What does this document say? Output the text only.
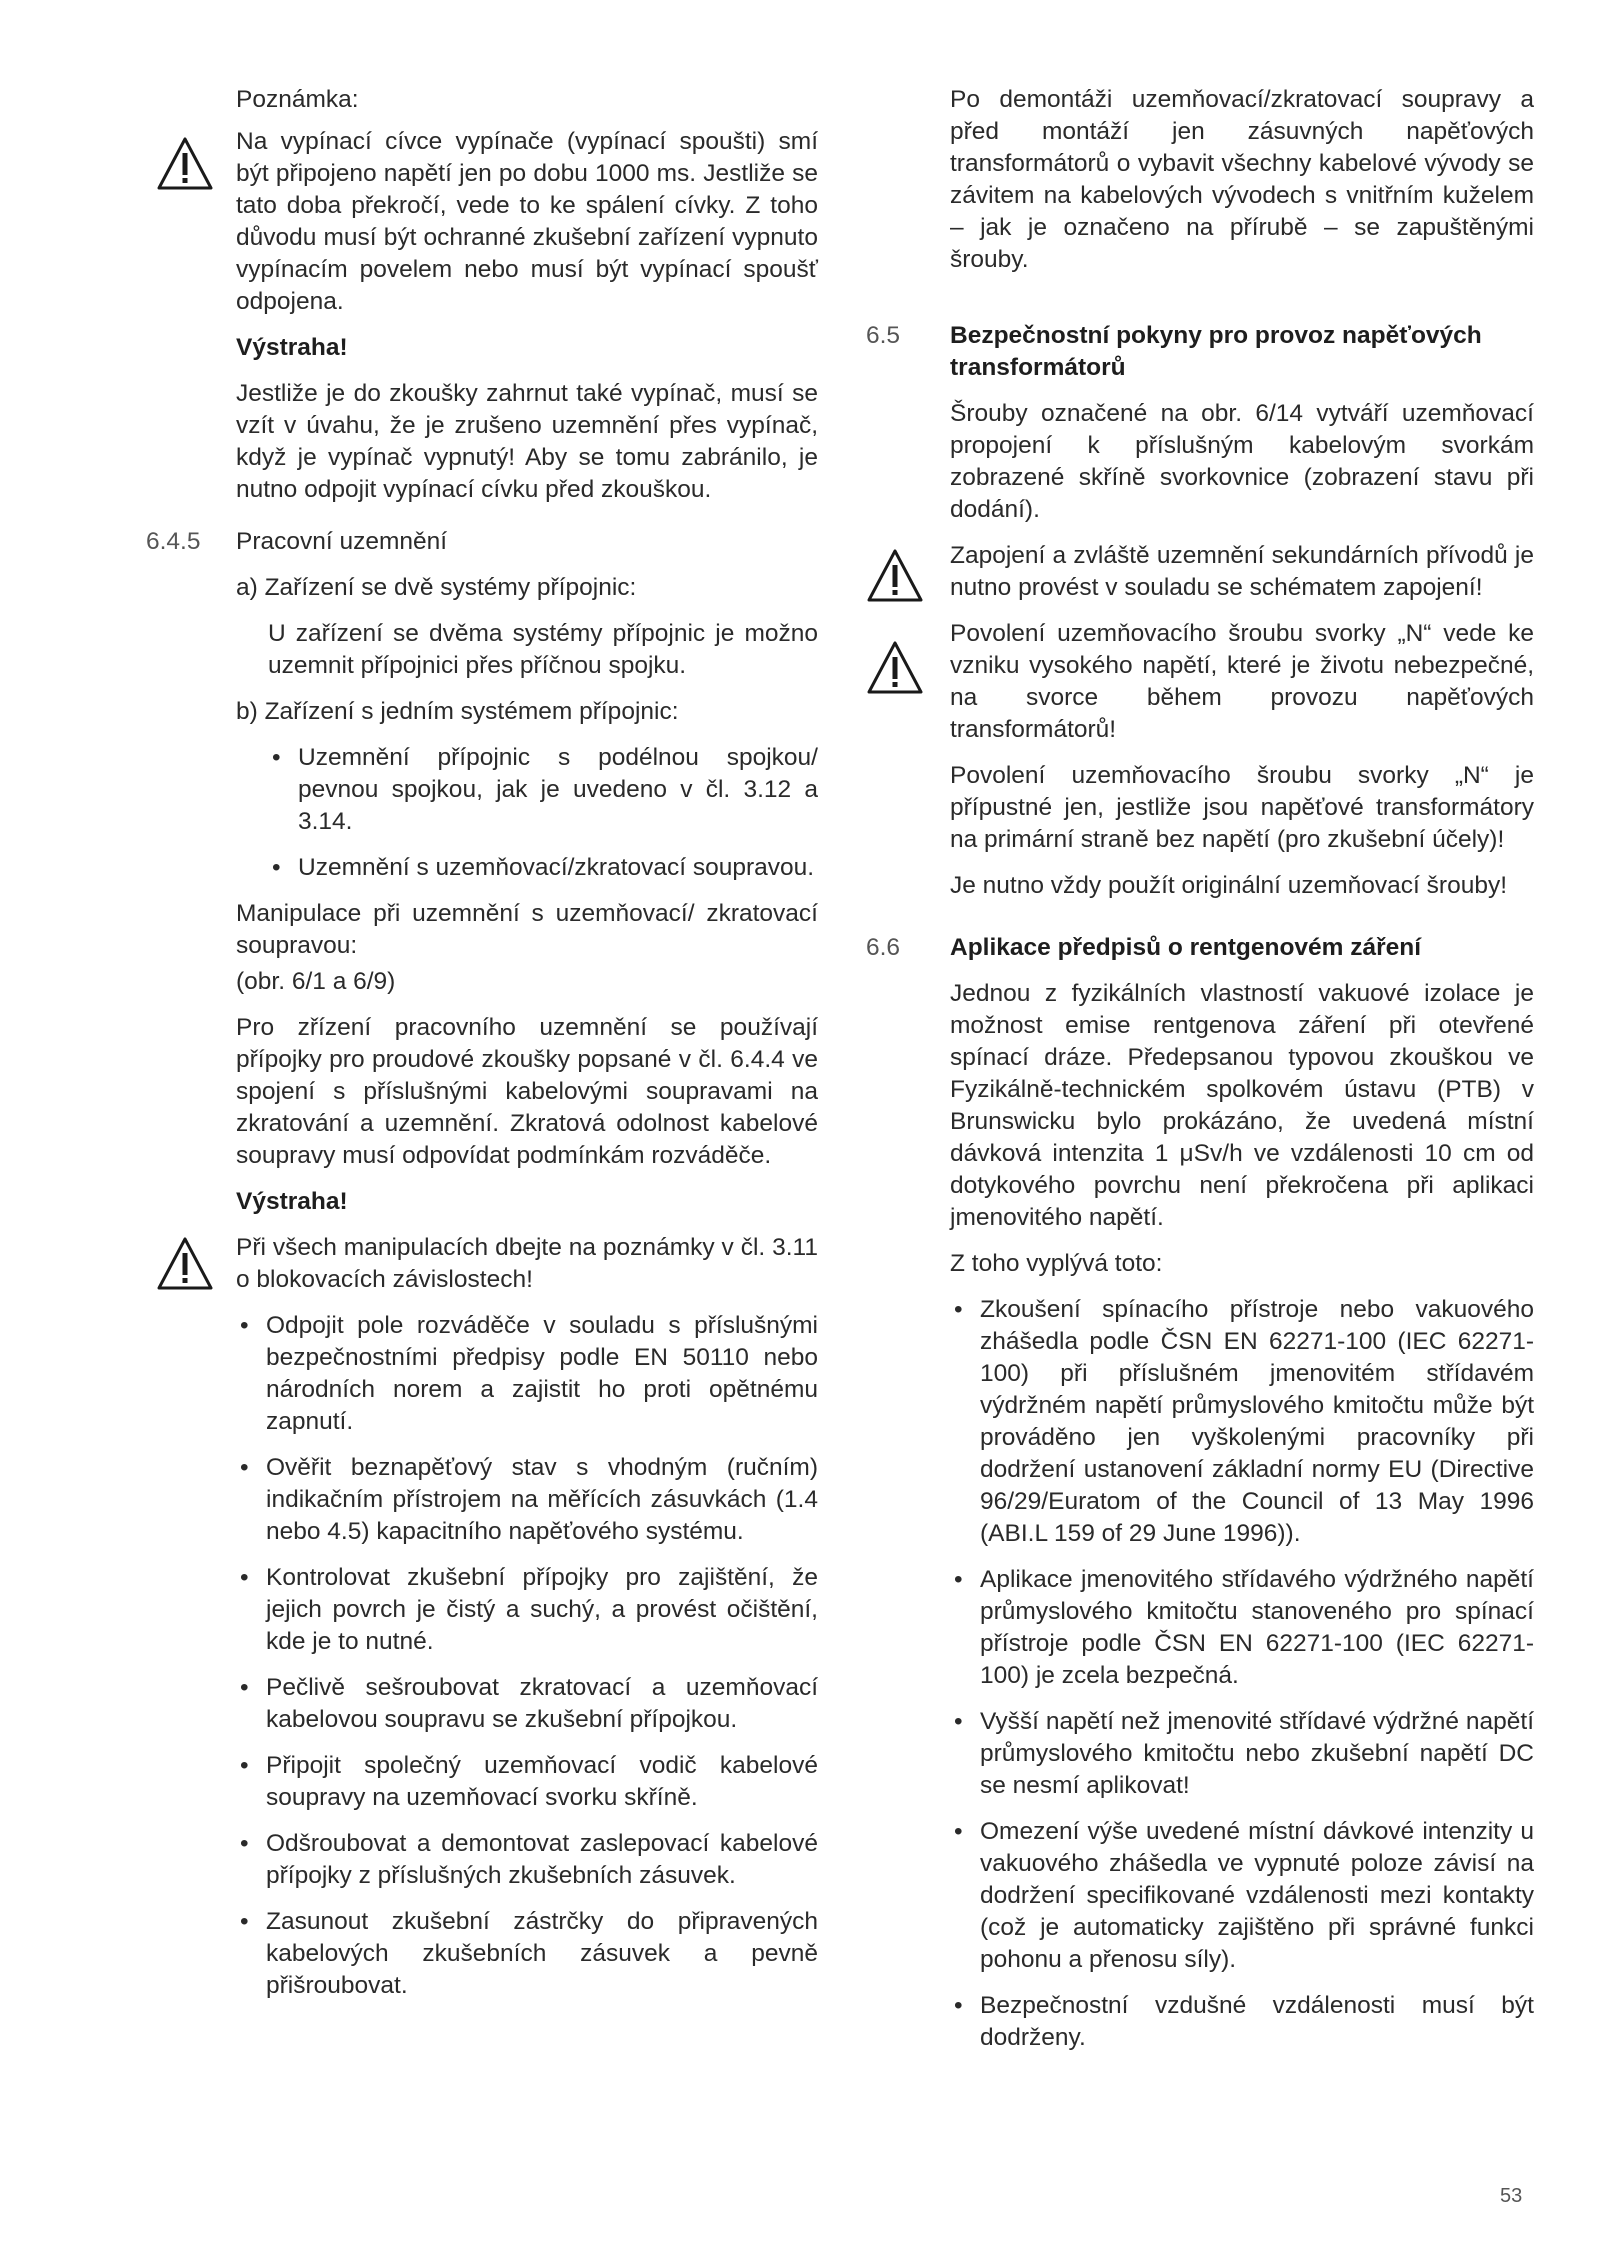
Poznámka:

Na vypínací cívce vypínače (vypínací spoušti) smí být připojeno napětí jen po dobu 1000 ms. Jestliže se tato doba překročí, vede to ke spálení cívky. Z toho důvodu musí být ochranné zkušební zařízení vypnuto vypínacím povelem nebo musí být vypínací spoušť odpojena.

Výstraha!

Jestliže je do zkoušky zahrnut také vypínač, musí se vzít v úvahu, že je zrušeno uzemnění přes vypínač, když je vypínač vypnutý! Aby se tomu zabránilo, je nutno odpojit vypínací cívku před zkouškou.

6.4.5	Pracovní uzemnění

a) Zařízení se dvě systémy přípojnic:

U zařízení se dvěma systémy přípojnic je možno uzemnit přípojnici přes příčnou spojku.

b) Zařízení s jedním systémem přípojnic:

• Uzemnění přípojnic s podélnou spojkou/ pevnou spojkou, jak je uvedeno v čl. 3.12 a 3.14.
• Uzemnění s uzemňovací/zkratovací soupravou.

Manipulace při uzemnění s uzemňovací/ zkratovací soupravou:

(obr. 6/1 a 6/9)

Pro zřízení pracovního uzemnění se používají přípojky pro proudové zkoušky popsané v čl. 6.4.4 ve spojení s příslušnými kabelovými soupravami na zkratování a uzemnění. Zkratová odolnost kabelové soupravy musí odpovídat podmínkám rozváděče.

Výstraha!

Při všech manipulacích dbejte na poznámky v čl. 3.11 o blokovacích závislostech!

• Odpojit pole rozváděče v souladu s příslušnými bezpečnostními předpisy podle EN 50110 nebo národních norem a zajistit ho proti opětnému zapnutí.
• Ověřit beznapěťový stav s vhodným (ručním) indikačním přístrojem na měřících zásuvkách (1.4 nebo 4.5) kapacitního napěťového systému.
• Kontrolovat zkušební přípojky pro zajištění, že jejich povrch je čistý a suchý, a provést očištění, kde je to nutné.
• Pečlivě sešroubovat zkratovací a uzemňovací kabelovou soupravu se zkušební přípojkou.
• Připojit společný uzemňovací vodič kabelové soupravy na uzemňovací svorku skříně.
• Odšroubovat a demontovat zaslepovací kabelové přípojky z příslušných zkušebních zásuvek.
• Zasunout zkušební zástrčky do připravených kabelových zkušebních zásuvek a pevně přišroubovat.

Po demontáži uzemňovací/zkratovací soupravy a před montáží jen zásuvných napěťových transformátorů o vybavit všechny kabelové vývody se závitem na kabelových vývodech s vnitřním kuželem – jak je označeno na přírubě – se zapuštěnými šrouby.

6.5	Bezpečnostní pokyny pro provoz napěťových transformátorů

Šrouby označené na obr. 6/14 vytváří uzemňovací propojení k příslušným kabelovým svorkám zobrazené skříně svorkovnice (zobrazení stavu při dodání).

Zapojení a zvláště uzemnění sekundárních přívodů je nutno provést v souladu se schématem zapojení!

Povolení uzemňovacího šroubu svorky „N“ vede ke vzniku vysokého napětí, které je životu nebezpečné, na svorce během provozu napěťových transformátorů!

Povolení uzemňovacího šroubu svorky „N“ je přípustné jen, jestliže jsou napěťové transformátory na primární straně bez napětí (pro zkušební účely)!

Je nutno vždy použít originální uzemňovací šrouby!

6.6	Aplikace předpisů o rentgenovém záření

Jednou z fyzikálních vlastností vakuové izolace je možnost emise rentgenova záření při otevřené spínací dráze. Předepsanou typovou zkouškou ve Fyzikálně-technickém spolkovém ústavu (PTB) v Brunswicku bylo prokázáno, že uvedená místní dávková intenzita 1 μSv/h ve vzdálenosti 10 cm od dotykového povrchu není překročena při aplikaci jmenovitého napětí.

Z toho vyplývá toto:

• Zkoušení spínacího přístroje nebo vakuového zhášedla podle ČSN EN 62271-100 (IEC 62271-100) při příslušném jmenovitém střídavém výdržném napětí průmyslového kmitočtu může být prováděno jen vyškolenými pracovníky při dodržení ustanovení základní normy EU (Directive 96/29/Euratom of the Council of 13 May 1996 (ABI.L 159 of 29 June 1996)).
• Aplikace jmenovitého střídavého výdržného napětí průmyslového kmitočtu stanoveného pro spínací přístroje podle ČSN EN 62271-100 (IEC 62271-100) je zcela bezpečná.
• Vyšší napětí než jmenovité střídavé výdržné napětí průmyslového kmitočtu nebo zkušební napětí DC se nesmí aplikovat!
• Omezení výše uvedené místní dávkové intenzity u vakuového zhášedla ve vypnuté poloze závisí na dodržení specifikované vzdálenosti mezi kontakty (což je automaticky zajištěno při správné funkci pohonu a přenosu síly).
• Bezpečnostní vzdušné vzdálenosti musí být dodrženy.
53
